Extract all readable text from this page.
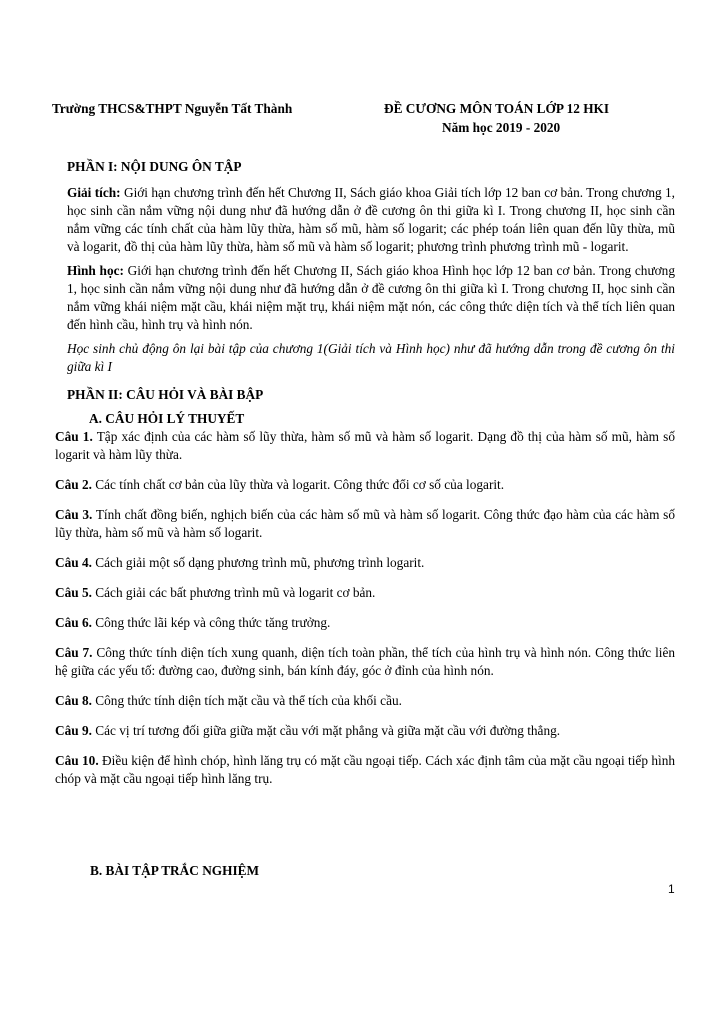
Trường THCS&THPT Nguyễn Tất Thành	ĐỀ CƯƠNG MÔN TOÁN LỚP 12 HKI
Năm học 2019 - 2020
PHẦN I: NỘI DUNG ÔN TẬP

Giải tích: Giới hạn chương trình đến hết Chương II, Sách giáo khoa Giải tích lớp 12 ban cơ bản. Trong chương 1, học sinh cần nắm vững nội dung như đã hướng dẫn ở đề cương ôn thi giữa kì I. Trong chương II, học sinh cần nắm vững các tính chất của hàm lũy thừa, hàm số mũ, hàm số logarit; các phép toán liên quan đến lũy thừa, mũ và logarit, đồ thị của hàm lũy thừa, hàm số mũ và hàm số logarit; phương trình phương trình mũ - logarit.

Hình học: Giới hạn chương trình đến hết Chương II, Sách giáo khoa Hình học lớp 12 ban cơ bản. Trong chương 1, học sinh cần nắm vững nội dung như đã hướng dẫn ở đề cương ôn thi giữa kì I. Trong chương II, học sinh cần nắm vững khái niệm mặt cầu, khái niệm mặt trụ, khái niệm mặt nón, các công thức diện tích và thể tích liên quan đến hình cầu, hình trụ và hình nón.

Học sinh chủ động ôn lại bài tập của chương 1(Giải tích và Hình học) như đã hướng dẫn trong đề cương ôn thi giữa kì I

PHẦN II: CÂU HỎI VÀ BÀI BẬP
A. CÂU HỎI LÝ THUYẾT

Câu 1. Tập xác định của các hàm số lũy thừa, hàm số mũ và hàm số logarit. Dạng đồ thị của hàm số mũ, hàm số logarit và hàm lũy thừa.

Câu 2. Các tính chất cơ bản của lũy thừa và logarit. Công thức đổi cơ số của logarit.

Câu 3. Tính chất đồng biến, nghịch biến của các hàm số mũ và hàm số logarit. Công thức đạo hàm của các hàm số lũy thừa, hàm số mũ và hàm số logarit.

Câu 4. Cách giải một số dạng phương trình mũ, phương trình logarit.

Câu 5. Cách giải các bất phương trình mũ và logarit cơ bản.

Câu 6. Công thức lãi kép và công thức tăng trưởng.

Câu 7. Công thức tính diện tích xung quanh, diện tích toàn phần, thể tích của hình trụ và hình nón. Công thức liên hệ giữa các yếu tố: đường cao, đường sinh, bán kính đáy, góc ở đỉnh của hình nón.

Câu 8. Công thức tính diện tích mặt cầu và thể tích của khối cầu.

Câu 9. Các vị trí tương đối giữa giữa mặt cầu với mặt phẳng và giữa mặt cầu với đường thẳng.

Câu 10. Điều kiện để hình chóp, hình lăng trụ có mặt cầu ngoại tiếp. Cách xác định tâm của mặt cầu ngoại tiếp hình chóp và mặt cầu ngoại tiếp hình lăng trụ.

B. BÀI TẬP TRẮC NGHIỆM
1
